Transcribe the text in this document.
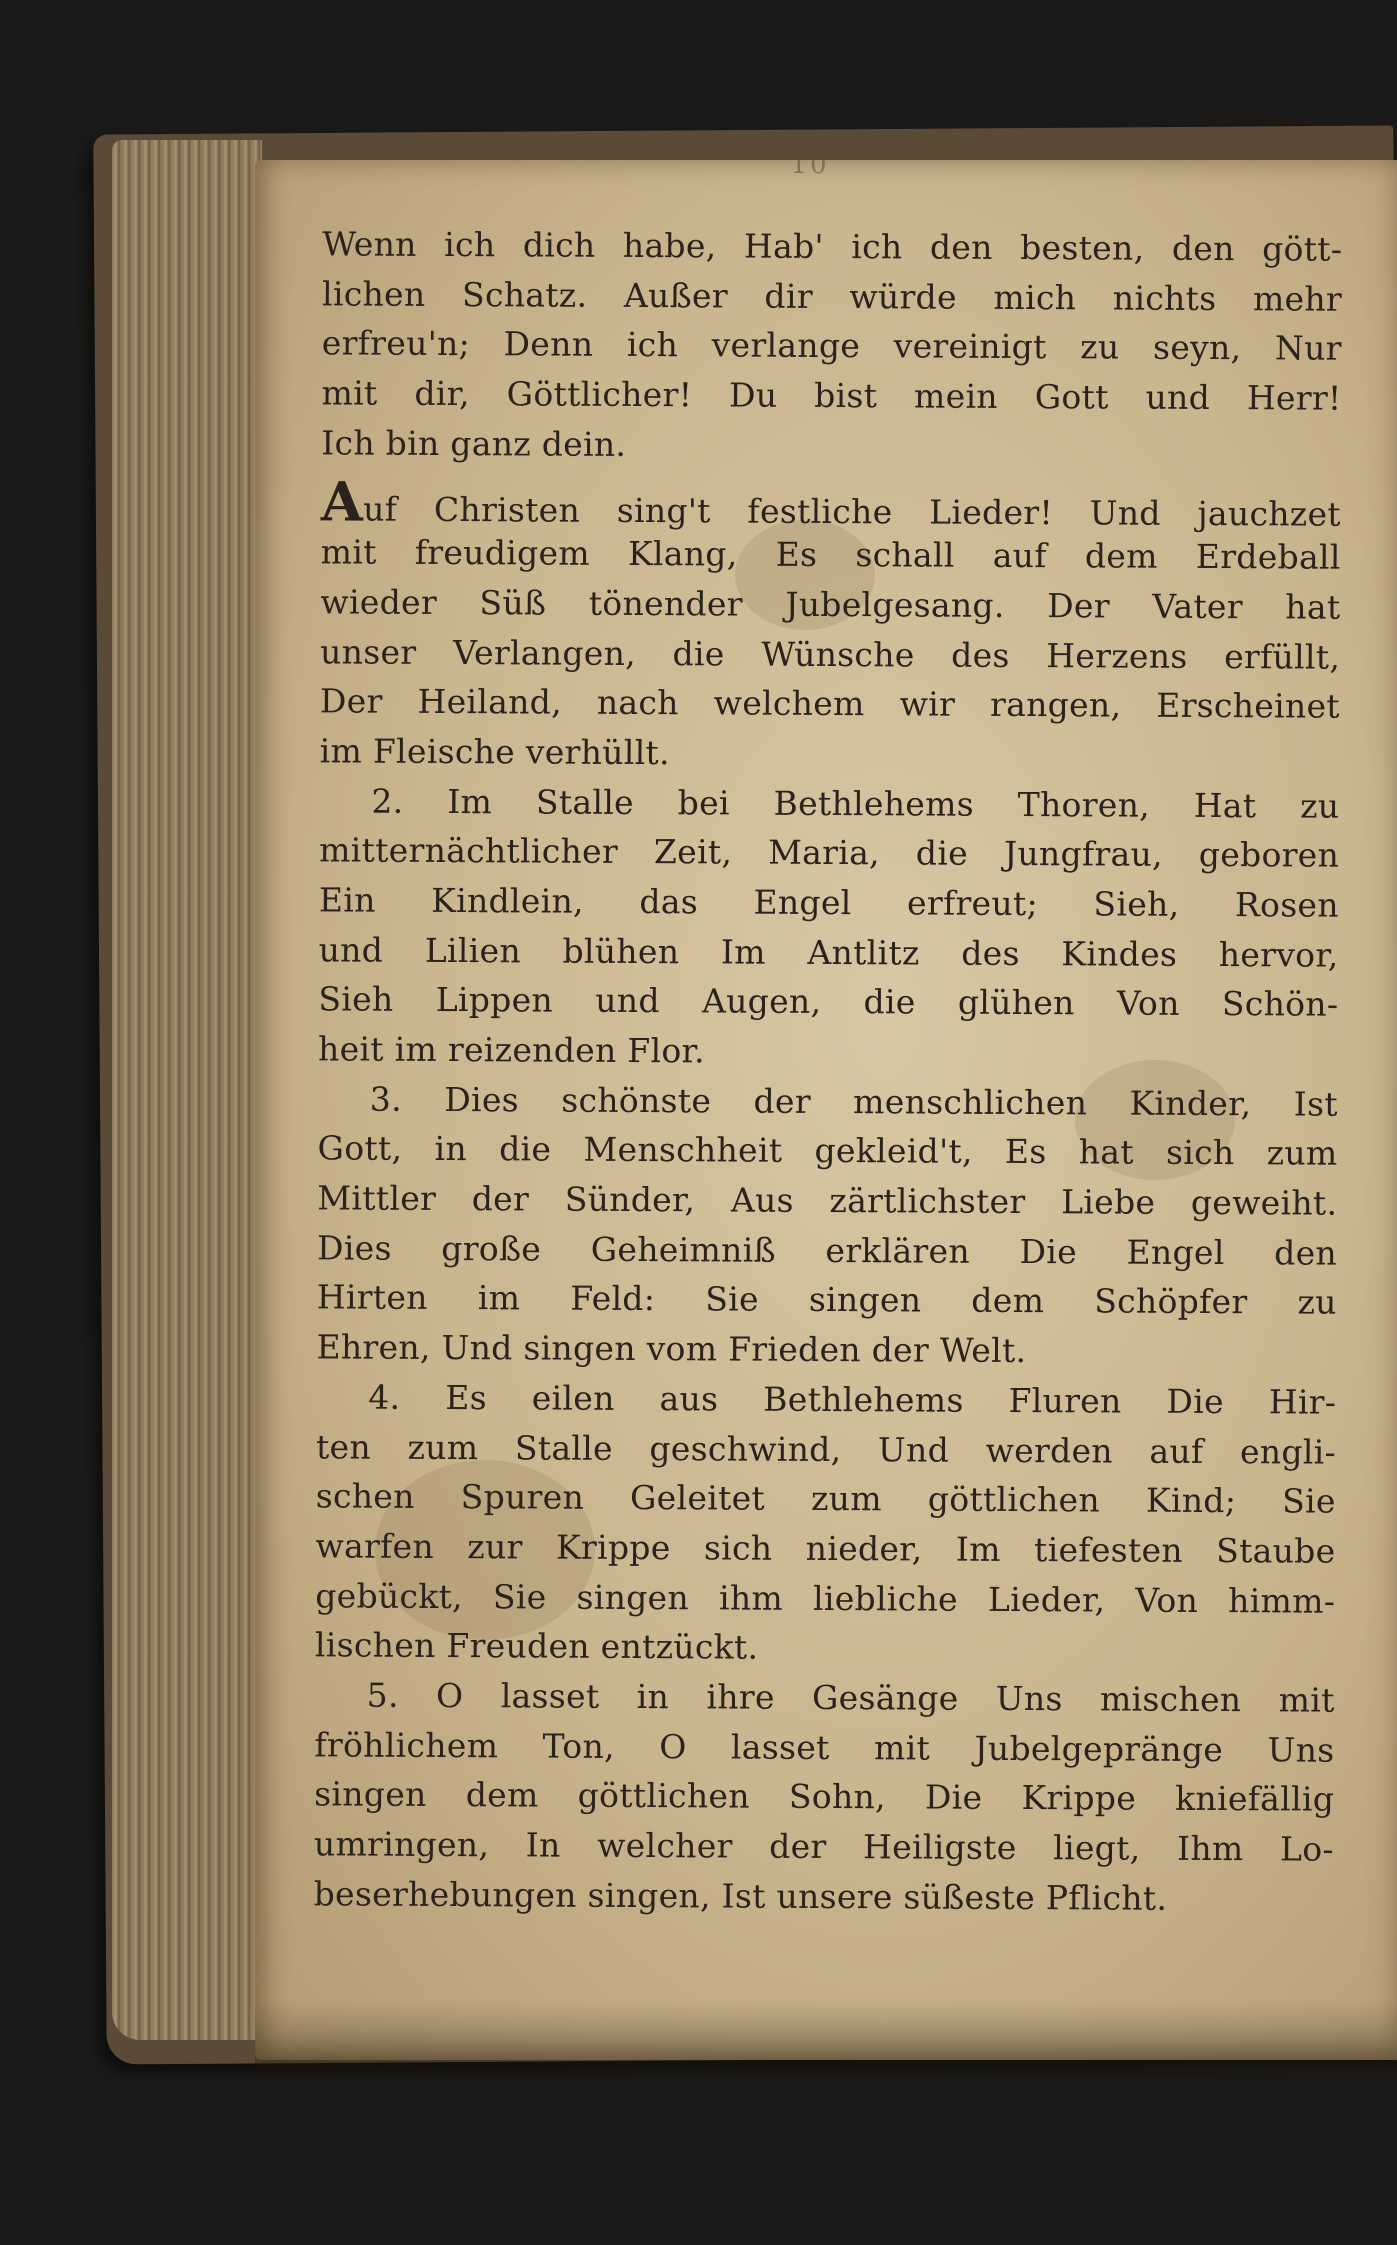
10
Wenn ich dich habe, Hab' ich den besten, den gött-
lichen Schatz. Außer dir würde mich nichts mehr
erfreu'n; Denn ich verlange vereinigt zu seyn, Nur
mit dir, Göttlicher! Du bist mein Gott und Herr!
Ich bin ganz dein.
Auf Christen sing't festliche Lieder! Und jauchzet
mit freudigem Klang, Es schall auf dem Erdeball
wieder Süß tönender Jubelgesang. Der Vater hat
unser Verlangen, die Wünsche des Herzens erfüllt,
Der Heiland, nach welchem wir rangen, Erscheinet
im Fleische verhüllt.
2. Im Stalle bei Bethlehems Thoren, Hat zu
mitternächtlicher Zeit, Maria, die Jungfrau, geboren
Ein Kindlein, das Engel erfreut; Sieh, Rosen
und Lilien blühen Im Antlitz des Kindes hervor,
Sieh Lippen und Augen, die glühen Von Schön-
heit im reizenden Flor.
3. Dies schönste der menschlichen Kinder, Ist
Gott, in die Menschheit gekleid't, Es hat sich zum
Mittler der Sünder, Aus zärtlichster Liebe geweiht.
Dies große Geheimniß erklären Die Engel den
Hirten im Feld: Sie singen dem Schöpfer zu
Ehren, Und singen vom Frieden der Welt.
4. Es eilen aus Bethlehems Fluren Die Hir-
ten zum Stalle geschwind, Und werden auf engli-
schen Spuren Geleitet zum göttlichen Kind; Sie
warfen zur Krippe sich nieder, Im tiefesten Staube
gebückt, Sie singen ihm liebliche Lieder, Von himm-
lischen Freuden entzückt.
5. O lasset in ihre Gesänge Uns mischen mit
fröhlichem Ton, O lasset mit Jubelgepränge Uns
singen dem göttlichen Sohn, Die Krippe kniefällig
umringen, In welcher der Heiligste liegt, Ihm Lo-
beserhebungen singen, Ist unsere süßeste Pflicht.
